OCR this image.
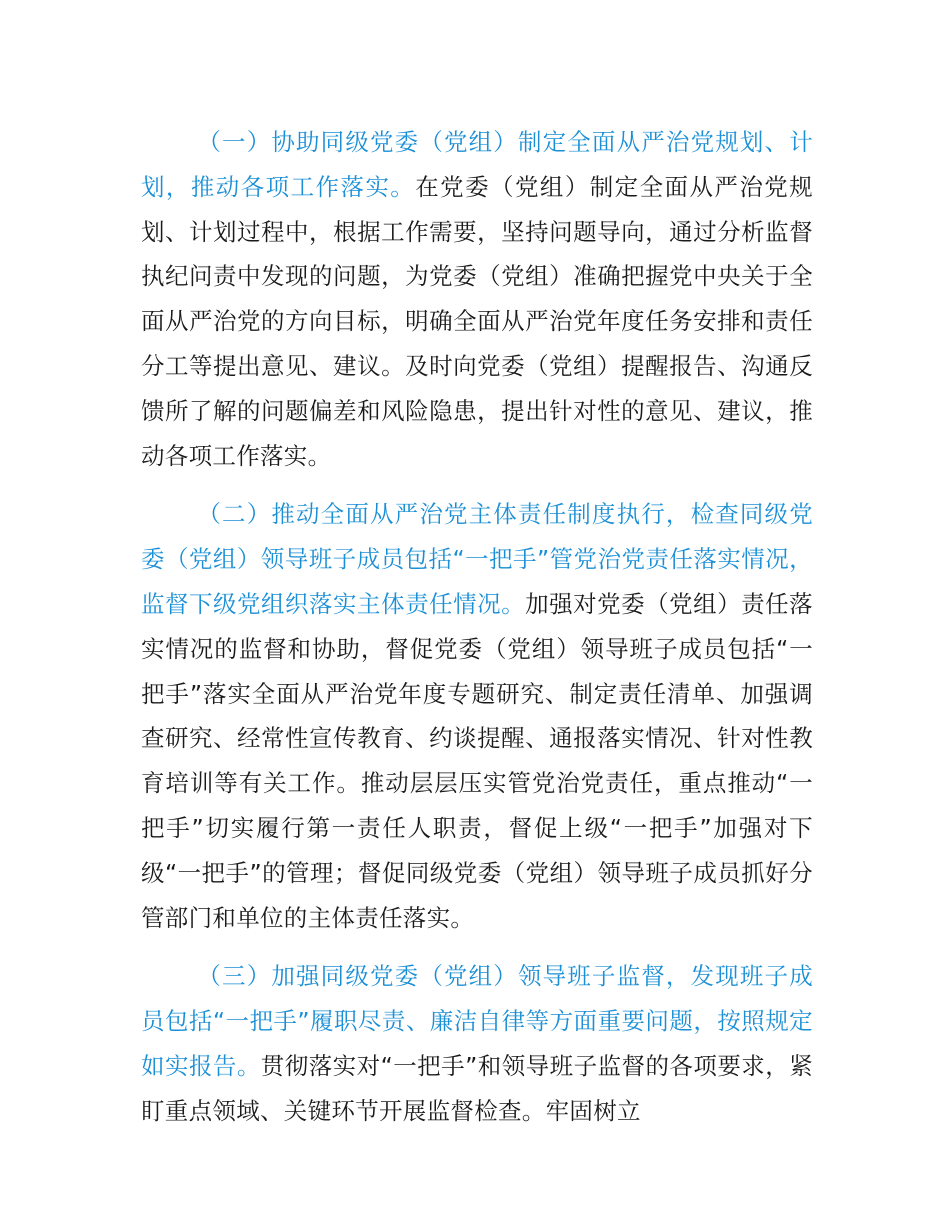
（一）协助同级党委（党组）制定全面从严治党规划、计划，推动各项工作落实。在党委（党组）制定全面从严治党规划、计划过程中，根据工作需要，坚持问题导向，通过分析监督执纪问责中发现的问题，为党委（党组）准确把握党中央关于全面从严治党的方向目标，明确全面从严治党年度任务安排和责任分工等提出意见、建议。及时向党委（党组）提醒报告、沟通反馈所了解的问题偏差和风险隐患，提出针对性的意见、建议，推动各项工作落实。

（二）推动全面从严治党主体责任制度执行，检查同级党委（党组）领导班子成员包括“一把手”管党治党责任落实情况，监督下级党组织落实主体责任情况。加强对党委（党组）责任落实情况的监督和协助，督促党委（党组）领导班子成员包括“一把手”落实全面从严治党年度专题研究、制定责任清单、加强调查研究、经常性宣传教育、约谈提醒、通报落实情况、针对性教育培训等有关工作。推动层层压实管党治党责任，重点推动“一把手”切实履行第一责任人职责，督促上级“一把手”加强对下级“一把手”的管理；督促同级党委（党组）领导班子成员抓好分管部门和单位的主体责任落实。

（三）加强同级党委（党组）领导班子监督，发现班子成员包括“一把手”履职尽责、廉洁自律等方面重要问题，按照规定如实报告。贯彻落实对“一把手”和领导班子监督的各项要求，紧盯重点领域、关键环节开展监督检查。牢固树立
